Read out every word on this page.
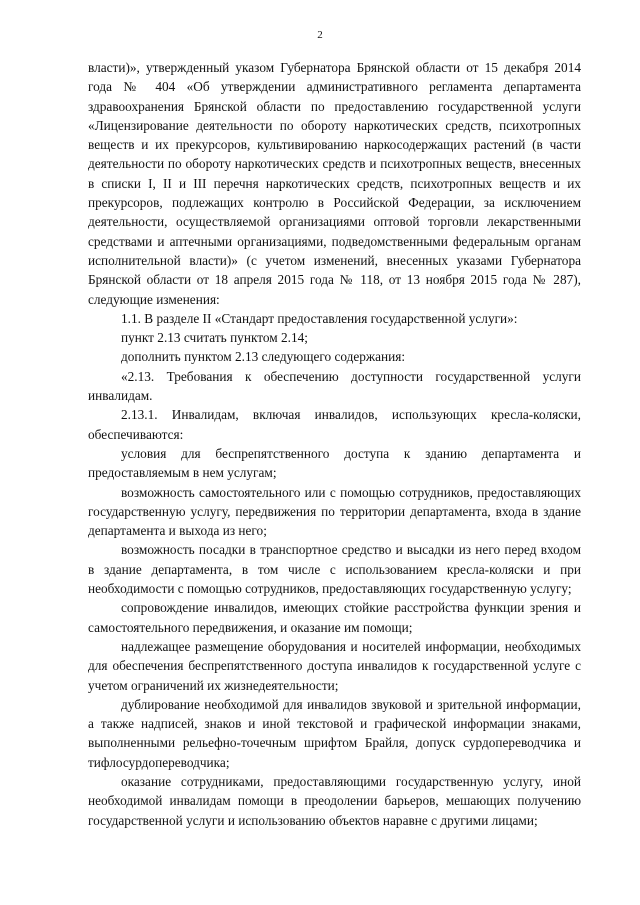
2

власти)», утвержденный указом Губернатора Брянской области от 15 декабря 2014 года № 404 «Об утверждении административного регламента департамента здравоохранения Брянской области по предоставлению государственной услуги «Лицензирование деятельности по обороту наркотических средств, психотропных веществ и их прекурсоров, культивированию наркосодержащих растений (в части деятельности по обороту наркотических средств и психотропных веществ, внесенных в списки I, II и III перечня наркотических средств, психотропных веществ и их прекурсоров, подлежащих контролю в Российской Федерации, за исключением деятельности, осуществляемой организациями оптовой торговли лекарственными средствами и аптечными организациями, подведомственными федеральным органам исполнительной власти)» (с учетом изменений, внесенных указами Губернатора Брянской области от 18 апреля 2015 года № 118, от 13 ноября 2015 года № 287), следующие изменения:

1.1. В разделе II «Стандарт предоставления государственной услуги»:

пункт 2.13 считать пунктом 2.14;

дополнить пунктом 2.13 следующего содержания:

«2.13. Требования к обеспечению доступности государственной услуги инвалидам.

2.13.1. Инвалидам, включая инвалидов, использующих кресла-коляски, обеспечиваются:

условия для беспрепятственного доступа к зданию департамента и предоставляемым в нем услугам;

возможность самостоятельного или с помощью сотрудников, предоставляющих государственную услугу, передвижения по территории департамента, входа в здание департамента и выхода из него;

возможность посадки в транспортное средство и высадки из него перед входом в здание департамента, в том числе с использованием кресла-коляски и при необходимости с помощью сотрудников, предоставляющих государственную услугу;

сопровождение инвалидов, имеющих стойкие расстройства функции зрения и самостоятельного передвижения, и оказание им помощи;

надлежащее размещение оборудования и носителей информации, необходимых для обеспечения беспрепятственного доступа инвалидов к государственной услуге с учетом ограничений их жизнедеятельности;

дублирование необходимой для инвалидов звуковой и зрительной информации, а также надписей, знаков и иной текстовой и графической информации знаками, выполненными рельефно-точечным шрифтом Брайля, допуск сурдопереводчика и тифлосурдопереводчика;

оказание сотрудниками, предоставляющими государственную услугу, иной необходимой инвалидам помощи в преодолении барьеров, мешающих получению государственной услуги и использованию объектов наравне с другими лицами;
